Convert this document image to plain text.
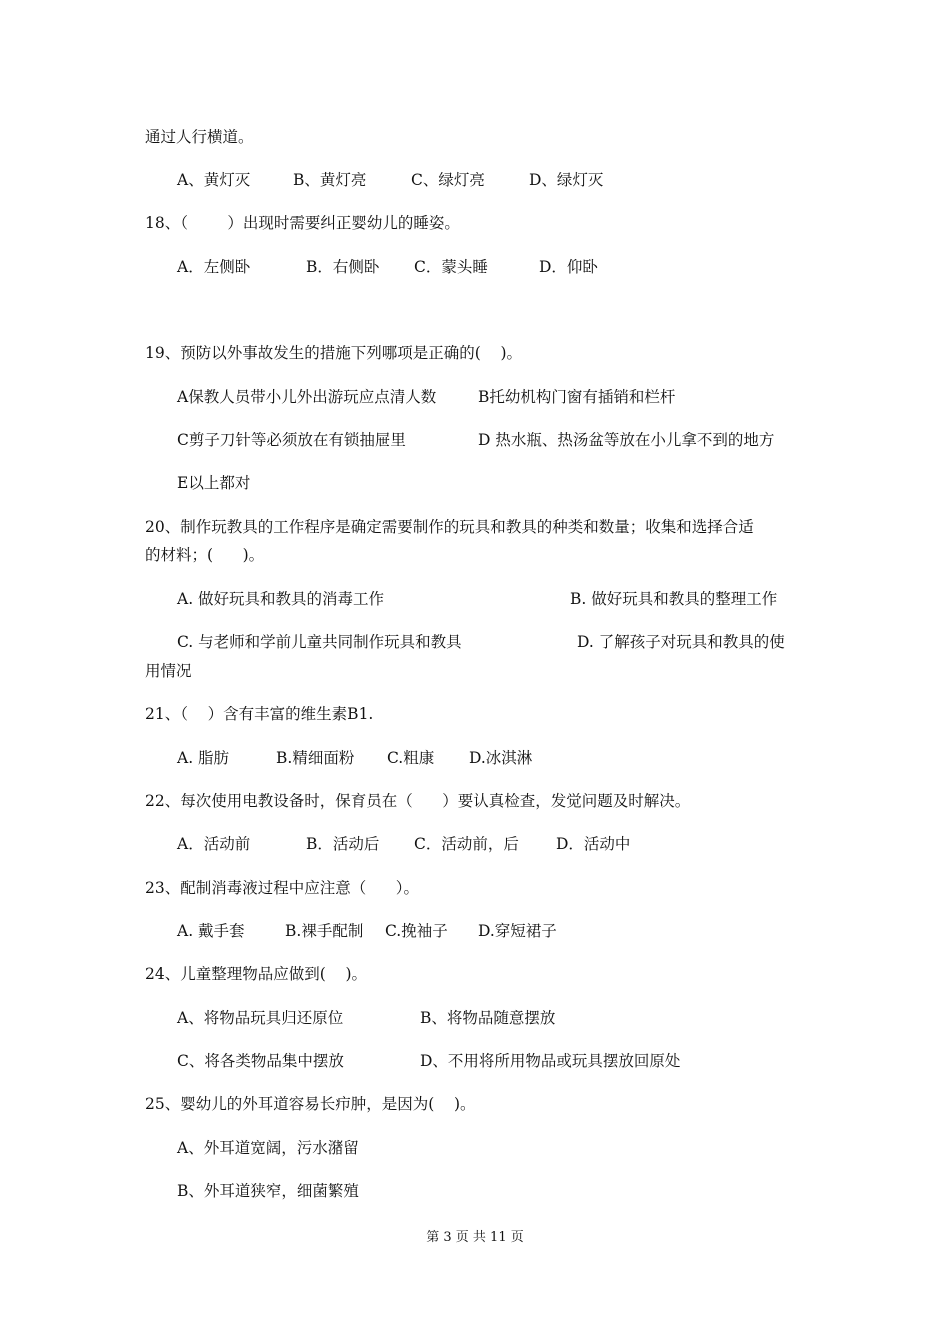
通过人行横道。
A、黄灯灭	B、黄灯亮	C、绿灯亮	D、绿灯灭
18、（        ）出现时需要纠正婴幼儿的睡姿。
A．左侧卧	B．右侧卧 C．蒙头睡	D．仰卧
19、预防以外事故发生的措施下列哪项是正确的(    )。
A保教人员带小儿外出游玩应点清人数	B托幼机构门窗有插销和栏杆
C剪子刀针等必须放在有锁抽屉里	D 热水瓶、热汤盆等放在小儿拿不到的地方
E以上都对
20、制作玩教具的工作程序是确定需要制作的玩具和教具的种类和数量；收集和选择合适
的材料；(      )。
A. 做好玩具和教具的消毒工作	B. 做好玩具和教具的整理工作
C. 与老师和学前儿童共同制作玩具和教具	D. 了解孩子对玩具和教具的使
用情况
21、（    ）含有丰富的维生素B1.
A. 脂肪	B.精细面粉 C.粗康 D.冰淇淋
22、每次使用电教设备时，保育员在（      ）要认真检查，发觉问题及时解决。
A．活动前	B．活动后 C．活动前，后 D．活动中
23、配制消毒液过程中应注意（      ）。
A. 戴手套	B.裸手配制 C.挽袖子 D.穿短裙子
24、儿童整理物品应做到(    )。
A、将物品玩具归还原位	B、将物品随意摆放
C、将各类物品集中摆放	D、不用将所用物品或玩具摆放回原处
25、婴幼儿的外耳道容易长疖肿，是因为(    )。
A、外耳道宽阔，污水潴留
B、外耳道狭窄，细菌繁殖
第 3 页 共 11 页
